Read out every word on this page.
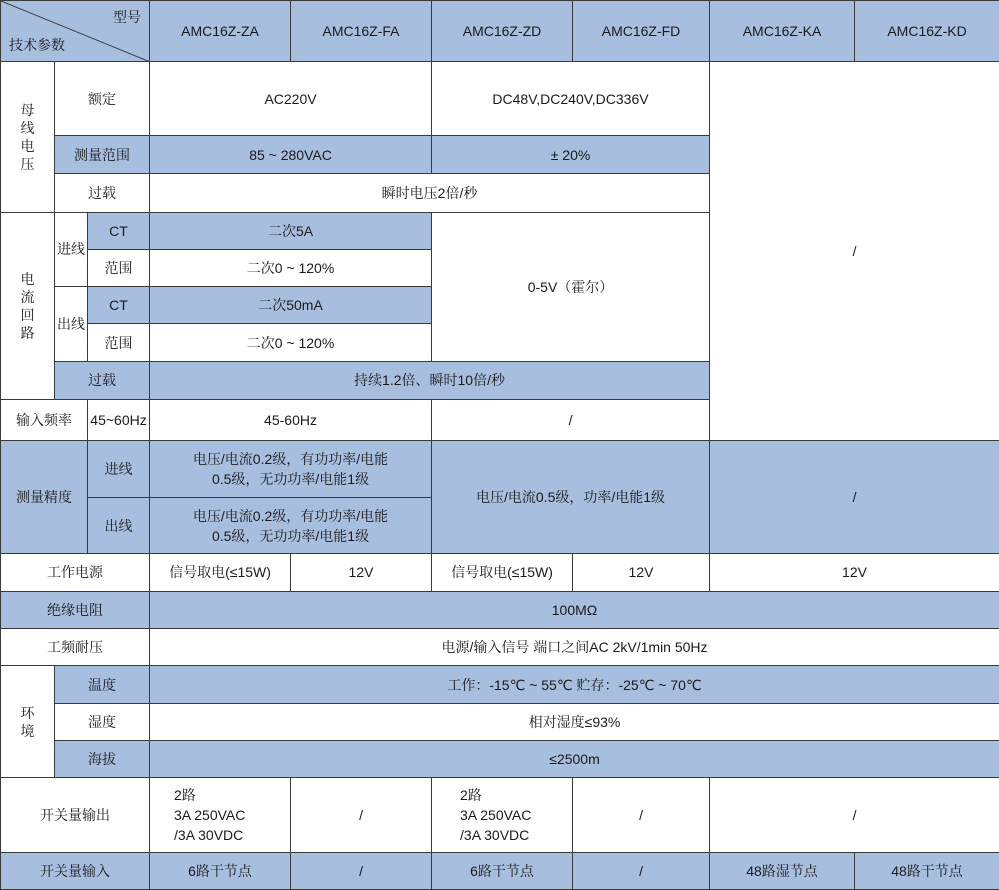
型号
技术参数			AMC16Z-ZA	AMC16Z-FA	AMC16Z-ZD	AMC16Z-FD	AMC16Z-KA	AMC16Z-KD	
母
线
电
压	额定		AC220V		DC48V,DC240V,DC336V		/		
	测量范围		85 ~ 280VAC		± 20%				
	过载		瞬时电压2倍/秒						
电
流
回
路	进线	CT	二次5A		0-5V（霍尔）				
		范围	二次0 ~ 120%						
	出线	CT	二次50mA						
		范围	二次0 ~ 120%						
	过载		持续1.2倍、瞬时10倍/秒						
输入频率		45~60Hz	45-60Hz		/		
测量精度		进线	电压/电流0.2级，有功功率/电能
0.5级，无功功率/电能1级		电压/电流0.5级，功率/电能1级		/		
		出线	电压/电流0.2级，有功功率/电能
0.5级，无功功率/电能1级						
工作电源			信号取电(≤15W)	12V	信号取电(≤15W)	12V	12V		
绝缘电阻			100MΩ						
工频耐压			电源/输入信号 端口之间AC 2kV/1min 50Hz						
环
境	温度		工作：-15℃ ~ 55℃ 贮存：-25℃ ~ 70℃						
	湿度		相对湿度≤93%						
	海拔		≤2500m						
开关量输出			2路
3A 250VAC
/3A 30VDC	/	2路
3A 250VAC
/3A 30VDC	/	/		
开关量输入			6路干节点	/	6路干节点	/	48路湿节点	48路干节点	
